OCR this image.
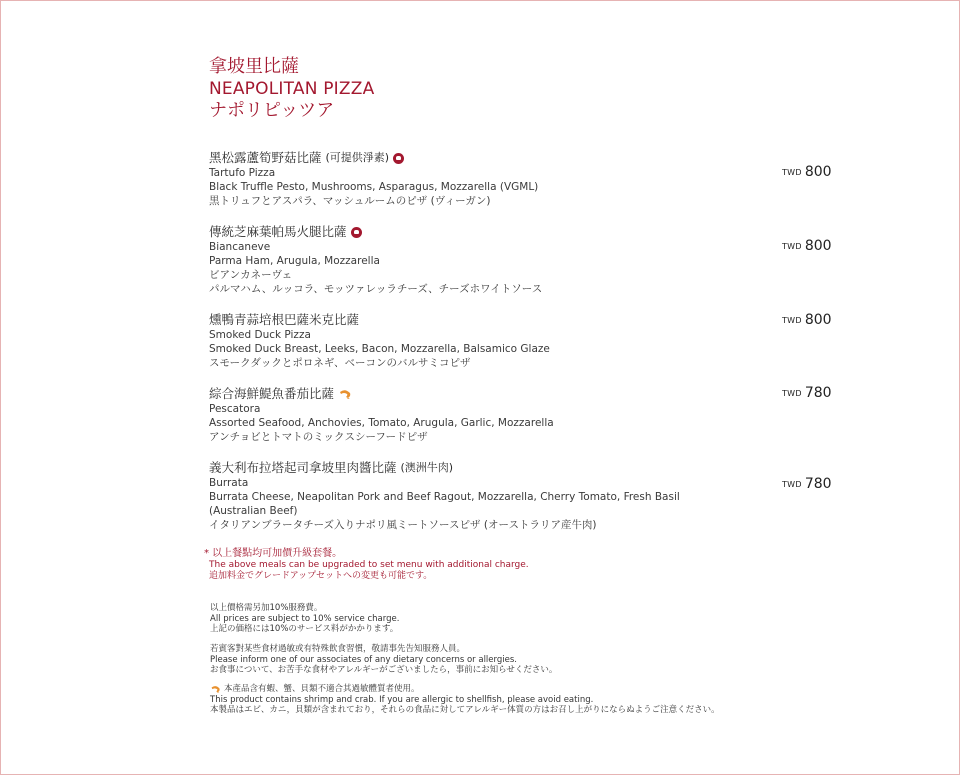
拿坡里比薩
NEAPOLITAN PIZZA
ナポリピッツア
黑松露蘆筍野菇比薩 (可提供淨素)
Tartufo Pizza
Black Truffle Pesto, Mushrooms, Asparagus, Mozzarella (VGML)
黒トリュフとアスパラ、マッシュルームのピザ (ヴィーガン)
TWD 800
傳統芝麻葉帕馬火腿比薩
Biancaneve
Parma Ham, Arugula, Mozzarella
ビアンカネーヴェ
パルマハム、ルッコラ、モッツァレッラチーズ、チーズホワイトソース
TWD 800
燻鴨青蒜培根巴薩米克比薩
Smoked Duck Pizza
Smoked Duck Breast, Leeks, Bacon, Mozzarella, Balsamico Glaze
スモークダックとポロネギ、ベーコンのバルサミコピザ
TWD 800
綜合海鮮鯷魚番茄比薩
Pescatora
Assorted Seafood, Anchovies, Tomato, Arugula, Garlic, Mozzarella
アンチョビとトマトのミックスシーフードピザ
TWD 780
義大利布拉塔起司拿坡里肉醬比薩 (澳洲牛肉)
Burrata
Burrata Cheese, Neapolitan Pork and Beef Ragout, Mozzarella, Cherry Tomato, Fresh Basil
(Australian Beef)
イタリアンブラータチーズ入りナポリ風ミートソースピザ (オーストラリア産牛肉)
TWD 780
* 以上餐點均可加價升級套餐。
The above meals can be upgraded to set menu with additional charge.
追加料金でグレードアップセットへの変更も可能です。
以上價格需另加10%服務費。
All prices are subject to 10% service charge.
上記の価格には10%のサービス料がかかります。
若賓客對某些食材過敏或有特殊飲食習慣，敬請事先告知服務人員。
Please inform one of our associates of any dietary concerns or allergies.
お食事について、お苦手な食材やアレルギーがございましたら，事前にお知らせください。
本產品含有蝦、蟹、貝類不適合其過敏體質者使用。
This product contains shrimp and crab. If you are allergic to shellfish, please avoid eating.
本製品はエビ、カニ，貝類が含まれており，それらの食品に対してアレルギー体質の方はお召し上がりにならぬようご注意ください。
